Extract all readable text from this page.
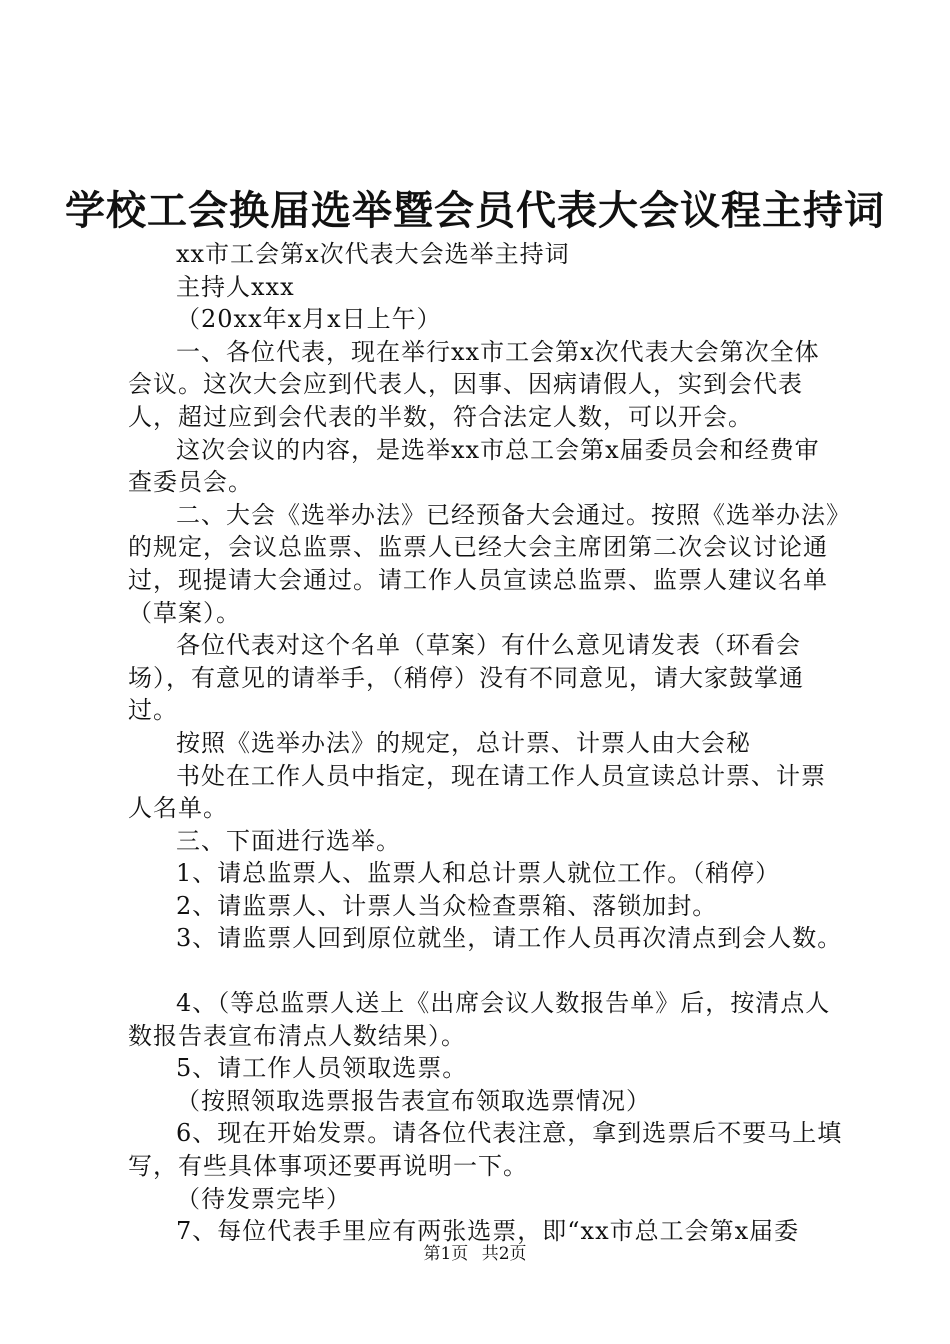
学校工会换届选举暨会员代表大会议程主持词

xx市工会第x次代表大会选举主持词

主持人xxx

（20xx年x月x日上午）

一、各位代表，现在举行xx市工会第x次代表大会第次全体会议。这次大会应到代表人，因事、因病请假人，实到会代表人，超过应到会代表的半数，符合法定人数，可以开会。

这次会议的内容，是选举xx市总工会第x届委员会和经费审查委员会。

二、大会《选举办法》已经预备大会通过。按照《选举办法》的规定，会议总监票、监票人已经大会主席团第二次会议讨论通过，现提请大会通过。请工作人员宣读总监票、监票人建议名单（草案）。

各位代表对这个名单（草案）有什么意见请发表（环看会场），有意见的请举手，（稍停）没有不同意见，请大家鼓掌通过。

按照《选举办法》的规定，总计票、计票人由大会秘

书处在工作人员中指定，现在请工作人员宣读总计票、计票人名单。

三、下面进行选举。

1、请总监票人、监票人和总计票人就位工作。（稍停）

2、请监票人、计票人当众检查票箱、落锁加封。

3、请监票人回到原位就坐，请工作人员再次清点到会人数。

4、（等总监票人送上《出席会议人数报告单》后，按清点人数报告表宣布清点人数结果）。

5、请工作人员领取选票。

（按照领取选票报告表宣布领取选票情况）

6、现在开始发票。请各位代表注意，拿到选票后不要马上填写，有些具体事项还要再说明一下。

（待发票完毕）

7、每位代表手里应有两张选票，即“xx市总工会第x届委

第1页 共2页
